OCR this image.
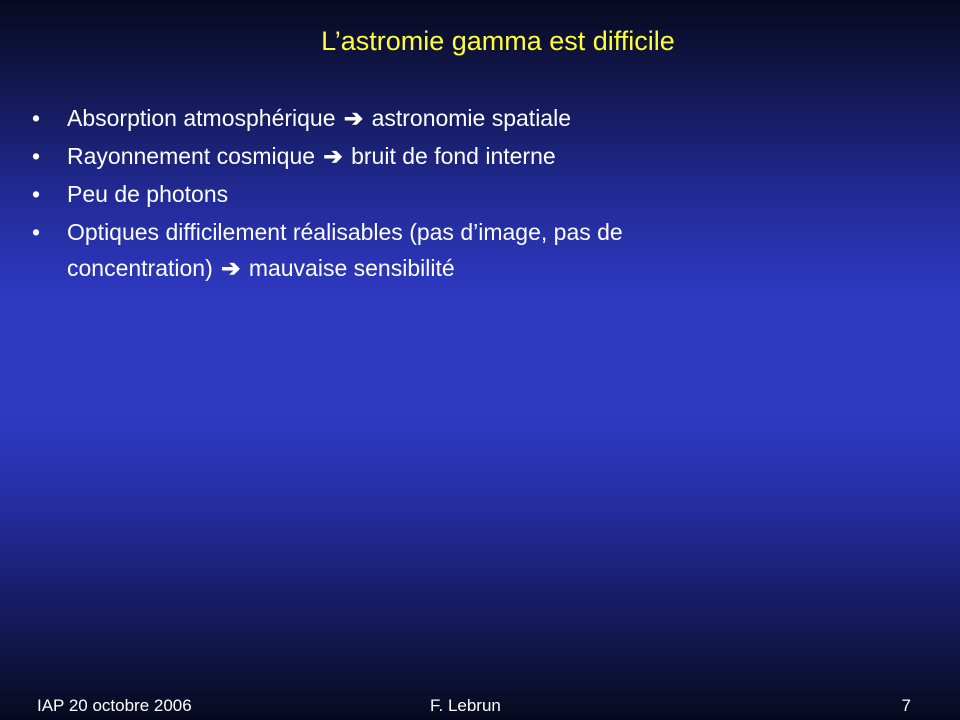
L’astromie gamma est difficile
• Absorption atmosphérique ➔ astronomie spatiale
• Rayonnement cosmique ➔ bruit de fond interne
• Peu de photons
• Optiques difficilement réalisables (pas d’image, pas de concentration) ➔ mauvaise sensibilité
IAP 20 octobre 2006	F. Lebrun	7
